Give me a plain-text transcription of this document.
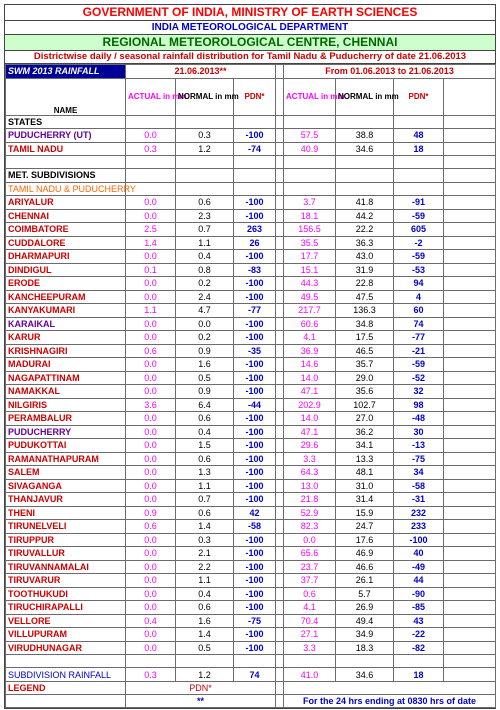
GOVERNMENT OF INDIA, MINISTRY OF EARTH SCIENCES
INDIA METEOROLOGICAL DEPARTMENT
REGIONAL METEOROLOGICAL CENTRE, CHENNAI
Districtwise daily / seasonal rainfall distribution for Tamil Nadu & Puducherry of date 21.06.2013
SWM 2013 RAINFALL	21.06.2013**				From 01.06.2013 to 21.06.2013			
NAME	ACTUAL in mm	NORMAL in mm	PDN*		ACTUAL in mm	NORMAL in mm	PDN*	
STATES								
PUDUCHERRY (UT)	0.0	0.3	-100		57.5	38.8	48	
TAMIL NADU	0.3	1.2	-74		40.9	34.6	18	

MET. SUBDIVISIONS								
TAMIL NADU & PUDUCHERRY								
ARIYALUR	0.0	0.6	-100		3.7	41.8	-91	
CHENNAI	0.0	2.3	-100		18.1	44.2	-59	
COIMBATORE	2.5	0.7	263		156.5	22.2	605	
CUDDALORE	1.4	1.1	26		35.5	36.3	-2	
DHARMAPURI	0.0	0.4	-100		17.7	43.0	-59	
DINDIGUL	0.1	0.8	-83		15.1	31.9	-53	
ERODE	0.0	0.2	-100		44.3	22.8	94	
KANCHEEPURAM	0.0	2.4	-100		49.5	47.5	4	
KANYAKUMARI	1.1	4.7	-77		217.7	136.3	60	
KARAIKAL	0.0	0.0	-100		60.6	34.8	74	
KARUR	0.0	0.2	-100		4.1	17.5	-77	
KRISHNAGIRI	0.6	0.9	-35		36.9	46.5	-21	
MADURAI	0.0	1.6	-100		14.6	35.7	-59	
NAGAPATTINAM	0.0	0.5	-100		14.0	29.0	-52	
NAMAKKAL	0.0	0.9	-100		47.1	35.6	32	
NILGIRIS	3.6	6.4	-44		202.9	102.7	98	
PERAMBALUR	0.0	0.6	-100		14.0	27.0	-48	
PUDUCHERRY	0.0	0.4	-100		47.1	36.2	30	
PUDUKOTTAI	0.0	1.5	-100		29.6	34.1	-13	
RAMANATHAPURAM	0.0	0.6	-100		3.3	13.3	-75	
SALEM	0.0	1.3	-100		64.3	48.1	34	
SIVAGANGA	0.0	1.1	-100		13.0	31.0	-58	
THANJAVUR	0.0	0.7	-100		21.8	31.4	-31	
THENI	0.9	0.6	42		52.9	15.9	232	
TIRUNELVELI	0.6	1.4	-58		82.3	24.7	233	
TIRUPPUR	0.0	0.3	-100		0.0	17.6	-100	
TIRUVALLUR	0.0	2.1	-100		65.6	46.9	40	
TIRUVANNAMALAI	0.0	2.2	-100		23.7	46.6	-49	
TIRUVARUR	0.0	1.1	-100		37.7	26.1	44	
TOOTHUKUDI	0.0	0.4	-100		0.6	5.7	-90	
TIRUCHIRAPALLI	0.0	0.6	-100		4.1	26.9	-85	
VELLORE	0.4	1.6	-75		70.4	49.4	43	
VILLUPURAM	0.0	1.4	-100		27.1	34.9	-22	
VIRUDHUNAGAR	0.0	0.5	-100		3.3	18.3	-82	

SUBDIVISION RAINFALL	0.3	1.2	74		41.0	34.6	18	
LEGEND	PDN*							
	**				For the 24 hrs ending at 0830 hrs of date			
